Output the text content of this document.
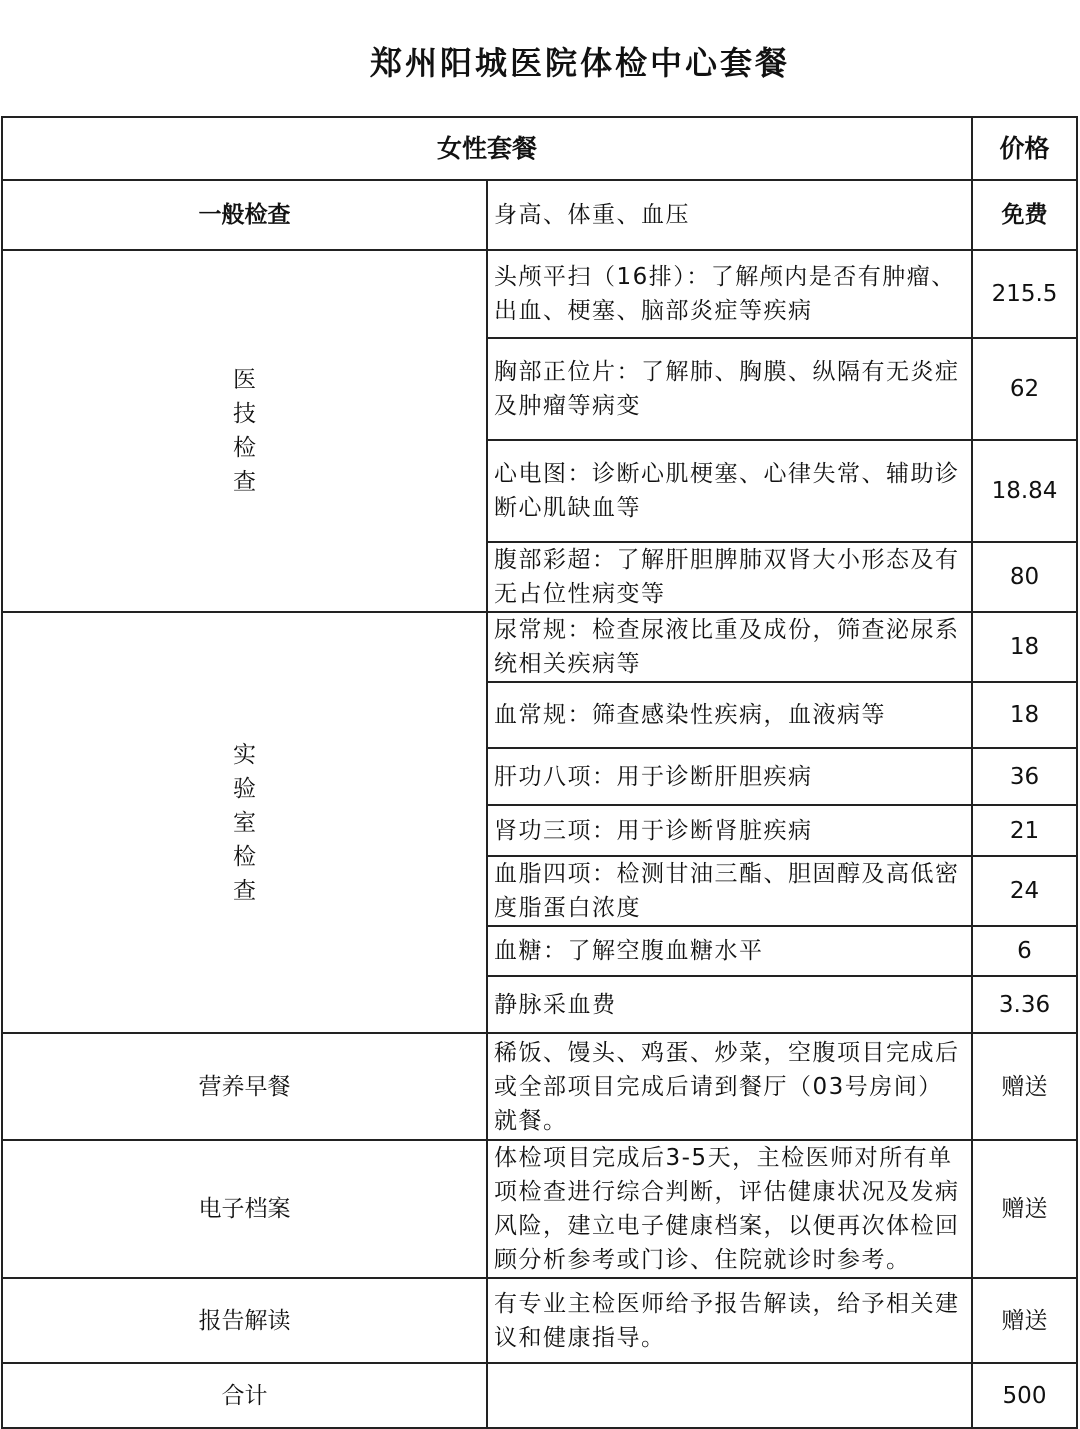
郑州阳城医院体检中心套餐
女性套餐		价格
一般检查	身高、体重、血压	免费

医技检查	头颅平扫（16排）：了解颅内是否有肿瘤、出血、梗塞、脑部炎症等疾病	215.5
	胸部正位片：了解肺、胸膜、纵隔有无炎症及肿瘤等病变	62
	心电图：诊断心肌梗塞、心律失常、辅助诊断心肌缺血等	18.84
	腹部彩超：了解肝胆脾肺双肾大小形态及有无占位性病变等	80

实验室检查	尿常规：检查尿液比重及成份，筛查泌尿系统相关疾病等	18
	血常规：筛查感染性疾病，血液病等	18
	肝功八项：用于诊断肝胆疾病	36
	肾功三项：用于诊断肾脏疾病	21
	血脂四项：检测甘油三酯、胆固醇及高低密度脂蛋白浓度	24
	血糖：了解空腹血糖水平	6
	静脉采血费	3.36
营养早餐	稀饭、馒头、鸡蛋、炒菜，空腹项目完成后或全部项目完成后请到餐厅（03号房间）就餐。	赠送
电子档案	体检项目完成后3-5天，主检医师对所有单项检查进行综合判断，评估健康状况及发病风险，建立电子健康档案，以便再次体检回顾分析参考或门诊、住院就诊时参考。	赠送
报告解读	有专业主检医师给予报告解读，给予相关建议和健康指导。	赠送
合计		500
